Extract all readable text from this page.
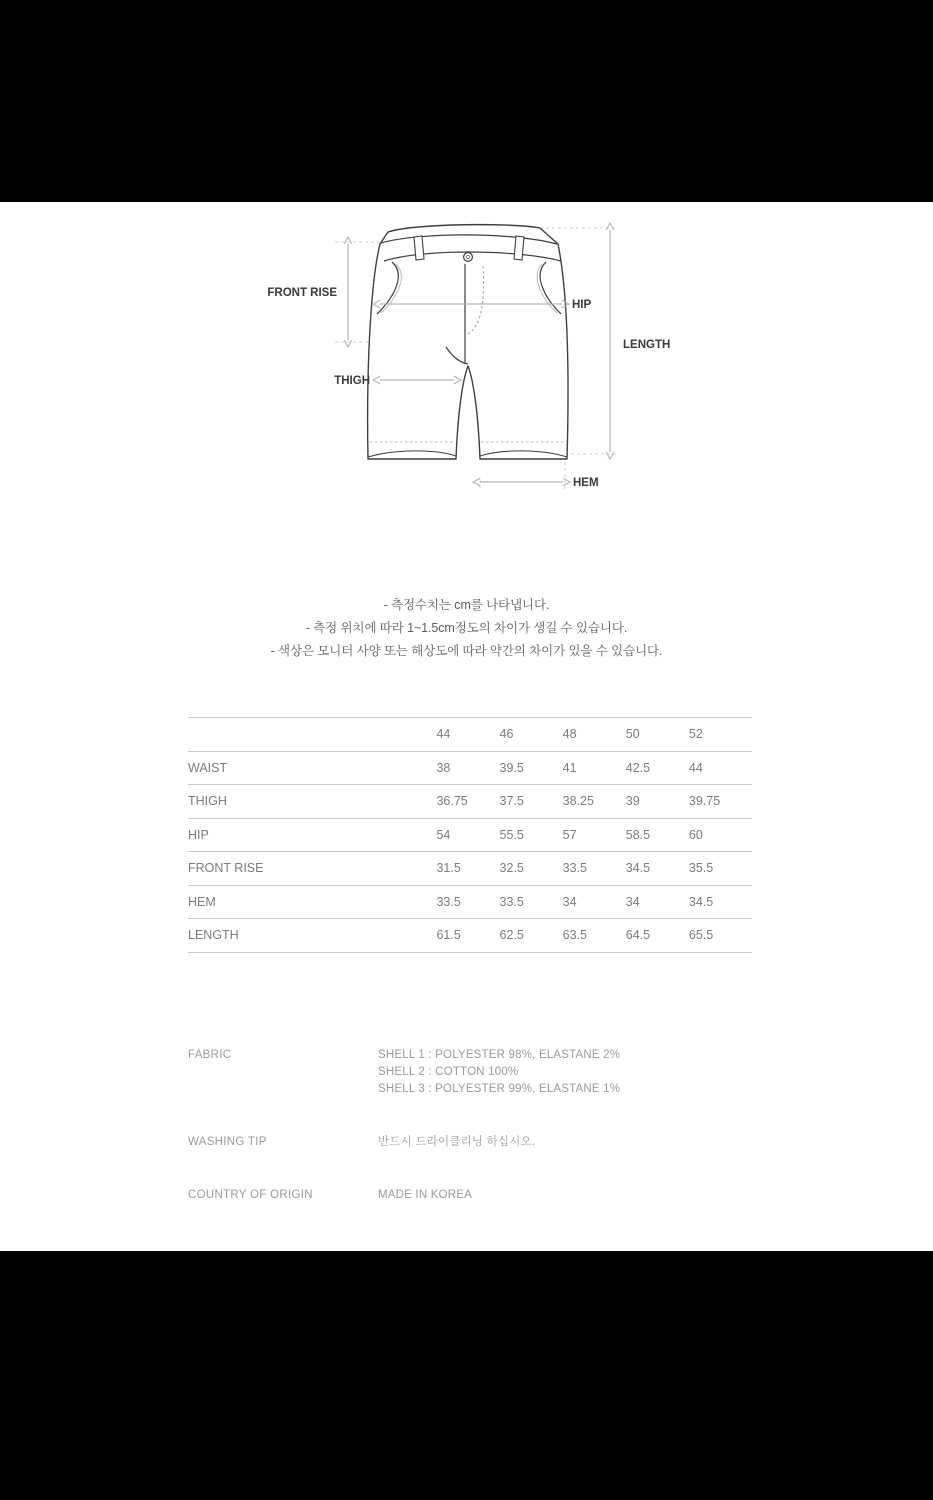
FRONT RISE
HIP
LENGTH
THIGH
HEM
- 측정수치는 cm를 나타냅니다.
- 측정 위치에 따라 1~1.5cm정도의 차이가 생길 수 있습니다.
- 색상은 모니터 사양 또는 해상도에 따라 약간의 차이가 있을 수 있습니다.
	44	46	48	50	52
WAIST	38	39.5	41	42.5	44
THIGH	36.75	37.5	38.25	39	39.75
HIP	54	55.5	57	58.5	60
FRONT RISE	31.5	32.5	33.5	34.5	35.5
HEM	33.5	33.5	34	34	34.5
LENGTH	61.5	62.5	63.5	64.5	65.5
FABRIC	SHELL 1 : POLYESTER 98%, ELASTANE 2%
SHELL 2 : COTTON 100%
SHELL 3 : POLYESTER 99%, ELASTANE 1%
WASHING TIP	반드시 드라이클리닝 하십시오.
COUNTRY OF ORIGIN	MADE IN KOREA
